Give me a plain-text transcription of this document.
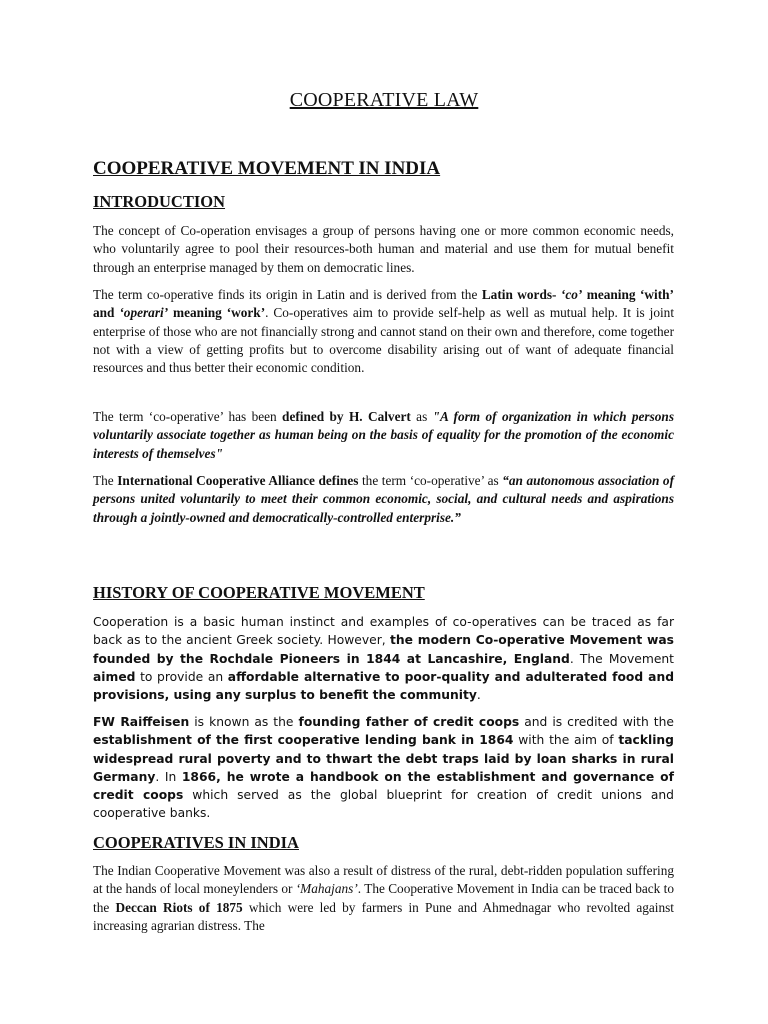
COOPERATIVE LAW
COOPERATIVE MOVEMENT IN INDIA
INTRODUCTION
The concept of Co-operation envisages a group of persons having one or more common economic needs, who voluntarily agree to pool their resources-both human and material and use them for mutual benefit through an enterprise managed by them on democratic lines.
The term co-operative finds its origin in Latin and is derived from the Latin words- ‘co’ meaning ‘with’ and ‘operari’ meaning ‘work’. Co-operatives aim to provide self-help as well as mutual help. It is joint enterprise of those who are not financially strong and cannot stand on their own and therefore, come together not with a view of getting profits but to overcome disability arising out of want of adequate financial resources and thus better their economic condition.
The term ‘co-operative’ has been defined by H. Calvert as "A form of organization in which persons voluntarily associate together as human being on the basis of equality for the promotion of the economic interests of themselves"
The International Cooperative Alliance defines the term ‘co-operative’ as “an autonomous association of persons united voluntarily to meet their common economic, social, and cultural needs and aspirations through a jointly-owned and democratically-controlled enterprise.”
HISTORY OF COOPERATIVE MOVEMENT
Cooperation is a basic human instinct and examples of co-operatives can be traced as far back as to the ancient Greek society. However, the modern Co-operative Movement was founded by the Rochdale Pioneers in 1844 at Lancashire, England. The Movement aimed to provide an affordable alternative to poor-quality and adulterated food and provisions, using any surplus to benefit the community.
FW Raiffeisen is known as the founding father of credit coops and is credited with the establishment of the first cooperative lending bank in 1864 with the aim of tackling widespread rural poverty and to thwart the debt traps laid by loan sharks in rural Germany. In 1866, he wrote a handbook on the establishment and governance of credit coops which served as the global blueprint for creation of credit unions and cooperative banks.
COOPERATIVES IN INDIA
The Indian Cooperative Movement was also a result of distress of the rural, debt-ridden population suffering at the hands of local moneylenders or ‘Mahajans’. The Cooperative Movement in India can be traced back to the Deccan Riots of 1875 which were led by farmers in Pune and Ahmednagar who revolted against increasing agrarian distress. The
